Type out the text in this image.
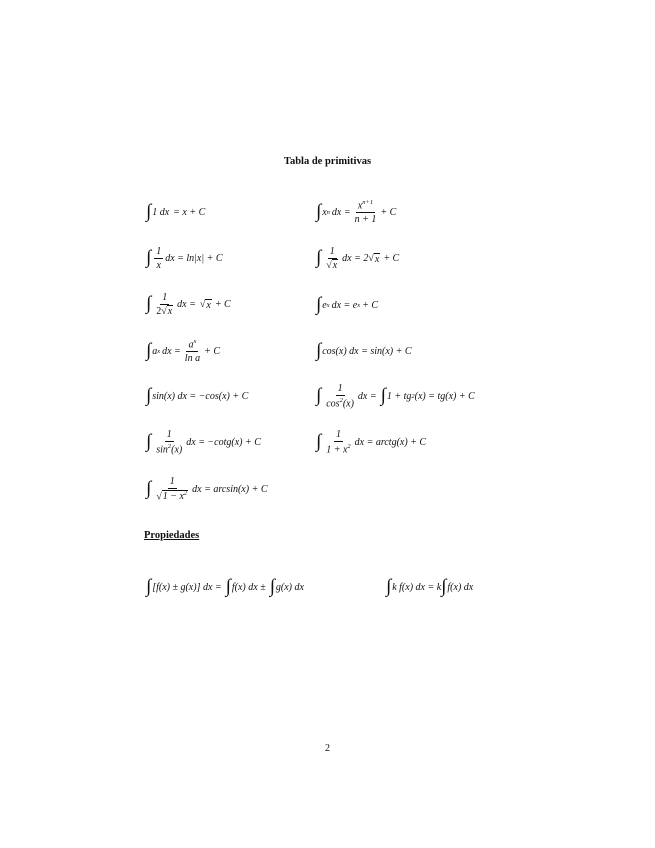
Tabla de primitivas
∫ 1 dx = x + C	∫ x n dx = $\frac{x^{n+1}}{n + 1} + C$
∫ $\frac{1}{x}$ dx = ln|x| + C	∫ $\frac{1}{√x}$ dx = 2 √ x + C
∫ $\frac{1}{2√x}$ dx = √ x + C	∫ e x dx = e x + C
∫ a x dx = $\frac{a^x}{\text{ln a}} + C$	∫ cos(x) dx = sin(x) + C
∫ sin(x) dx = −cos(x) + C	∫ $\frac{1}{\cos^2(x)}$ dx = ∫ 1 + tg 2 (x) = tg(x) + C
∫ $\frac{1}{\sin^2(x)}$ dx = −cotg(x) + C	∫ $\frac{1}{1 + x^2}$ dx = arctg(x) + C
∫ $\frac{1}{√1 - x^2}$ dx = arcsin(x) + C
Propiedades
∫ [f(x) ± g(x)] dx = ∫ f(x) dx ± ∫ g(x) dx	∫ k f(x) dx = k ∫ f(x) dx
2
